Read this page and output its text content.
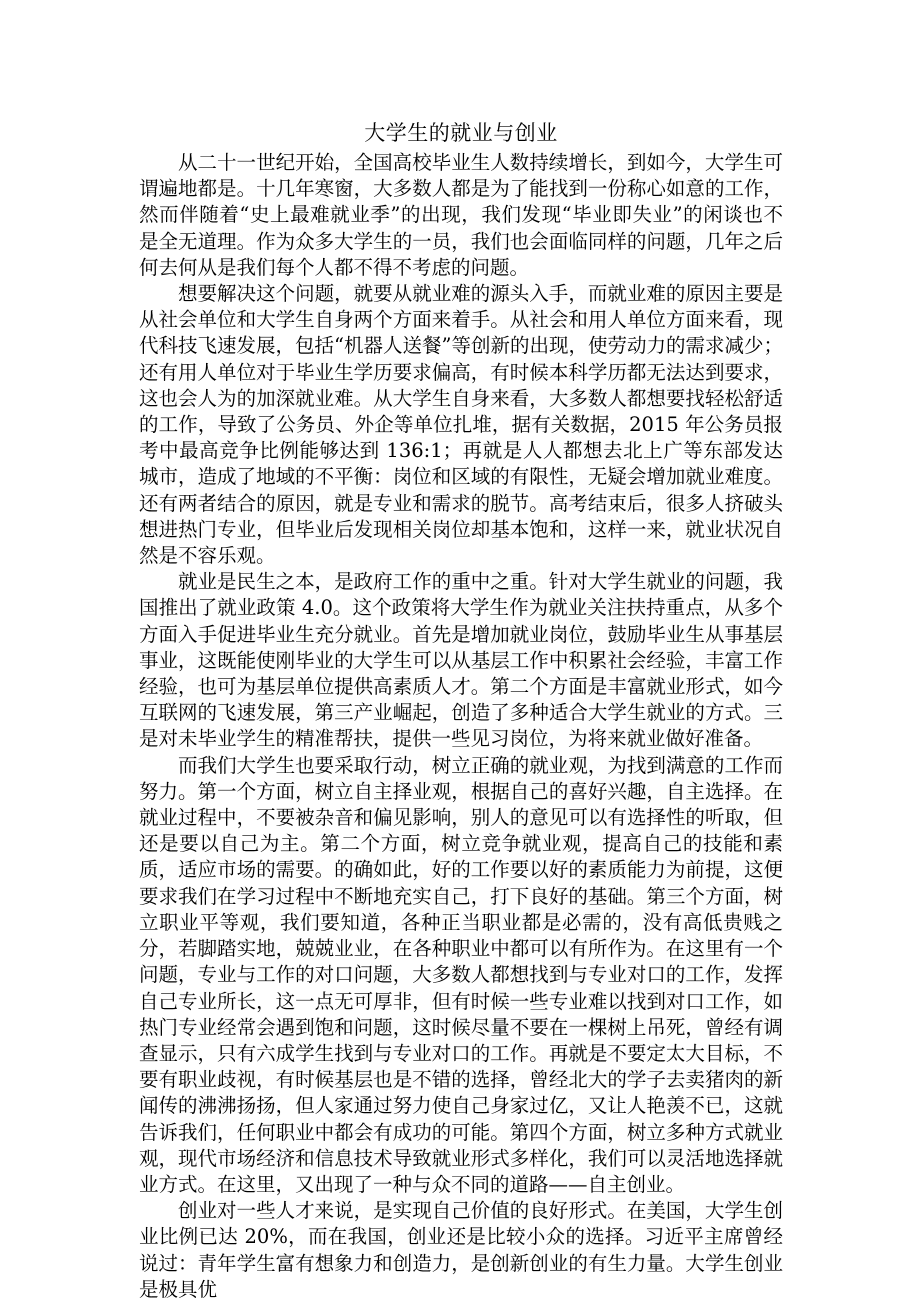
大学生的就业与创业

从二十一世纪开始，全国高校毕业生人数持续增长，到如今，大学生可谓遍地都是。十几年寒窗，大多数人都是为了能找到一份称心如意的工作，然而伴随着“史上最难就业季”的出现，我们发现“毕业即失业”的闲谈也不是全无道理。作为众多大学生的一员，我们也会面临同样的问题，几年之后何去何从是我们每个人都不得不考虑的问题。

想要解决这个问题，就要从就业难的源头入手，而就业难的原因主要是从社会单位和大学生自身两个方面来着手。从社会和用人单位方面来看，现代科技飞速发展，包括“机器人送餐”等创新的出现，使劳动力的需求减少；还有用人单位对于毕业生学历要求偏高，有时候本科学历都无法达到要求，这也会人为的加深就业难。从大学生自身来看，大多数人都想要找轻松舒适的工作，导致了公务员、外企等单位扎堆，据有关数据，2015 年公务员报考中最高竞争比例能够达到 136:1；再就是人人都想去北上广等东部发达城市，造成了地域的不平衡：岗位和区域的有限性，无疑会增加就业难度。还有两者结合的原因，就是专业和需求的脱节。高考结束后，很多人挤破头想进热门专业，但毕业后发现相关岗位却基本饱和，这样一来，就业状况自然是不容乐观。

就业是民生之本，是政府工作的重中之重。针对大学生就业的问题，我国推出了就业政策 4.0。这个政策将大学生作为就业关注扶持重点，从多个方面入手促进毕业生充分就业。首先是增加就业岗位，鼓励毕业生从事基层事业，这既能使刚毕业的大学生可以从基层工作中积累社会经验，丰富工作经验，也可为基层单位提供高素质人才。第二个方面是丰富就业形式，如今互联网的飞速发展，第三产业崛起，创造了多种适合大学生就业的方式。三是对未毕业学生的精准帮扶，提供一些见习岗位，为将来就业做好准备。

而我们大学生也要采取行动，树立正确的就业观，为找到满意的工作而努力。第一个方面，树立自主择业观，根据自己的喜好兴趣，自主选择。在就业过程中，不要被杂音和偏见影响，别人的意见可以有选择性的听取，但还是要以自己为主。第二个方面，树立竞争就业观，提高自己的技能和素质，适应市场的需要。的确如此，好的工作要以好的素质能力为前提，这便要求我们在学习过程中不断地充实自己，打下良好的基础。第三个方面，树立职业平等观，我们要知道，各种正当职业都是必需的，没有高低贵贱之分，若脚踏实地，兢兢业业，在各种职业中都可以有所作为。在这里有一个问题，专业与工作的对口问题，大多数人都想找到与专业对口的工作，发挥自己专业所长，这一点无可厚非，但有时候一些专业难以找到对口工作，如热门专业经常会遇到饱和问题，这时候尽量不要在一棵树上吊死，曾经有调查显示，只有六成学生找到与专业对口的工作。再就是不要定太大目标，不要有职业歧视，有时候基层也是不错的选择，曾经北大的学子去卖猪肉的新闻传的沸沸扬扬，但人家通过努力使自己身家过亿，又让人艳羡不已，这就告诉我们，任何职业中都会有成功的可能。第四个方面，树立多种方式就业观，现代市场经济和信息技术导致就业形式多样化，我们可以灵活地选择就业方式。在这里，又出现了一种与众不同的道路——自主创业。

创业对一些人才来说，是实现自己价值的良好形式。在美国，大学生创业比例已达 20%，而在我国，创业还是比较小众的选择。习近平主席曾经说过：青年学生富有想象力和创造力，是创新创业的有生力量。大学生创业是极具优
